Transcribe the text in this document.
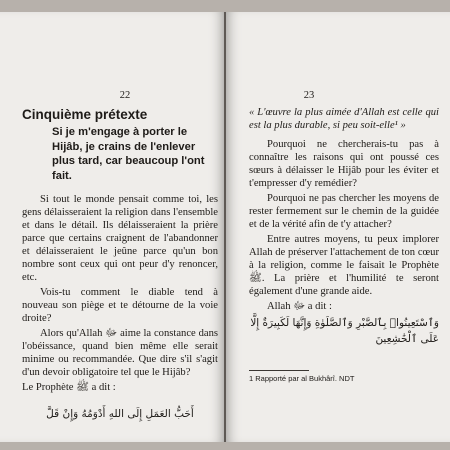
22
Cinquième prétexte
Si je m'engage à porter le Hijâb, je crains de l'enlever plus tard, car beaucoup l'ont fait.

Si tout le monde pensait comme toi, les gens délaisseraient la religion dans l'ensemble et dans le détail. Ils délaisseraient la prière parce que certains craignent de l'abandonner et délaisseraient le jeûne parce qu'un bon nombre sont ceux qui ont peur d'y renoncer, etc.

Vois-tu comment le diable tend à nouveau son piège et te détourne de la voie droite?

Alors qu'Allah ﷻ aime la constance dans l'obéissance, quand bien même elle serait minime ou recommandée. Que dire s'il s'agit d'un devoir obligatoire tel que le Hijâb?

Le Prophète ﷺ a dit :

أَحَبُّ العَمَلِ إِلَى اللهِ أَدْوَمُهُ وَإِنْ قَلَّ
23

« L'œuvre la plus aimée d'Allah est celle qui est la plus durable, si peu soit-elle¹ »

Pourquoi ne chercherais-tu pas à connaître les raisons qui ont poussé ces sœurs à délaisser le Hijâb pour les éviter et t'empresser d'y remédier?

Pourquoi ne pas chercher les moyens de rester fermement sur le chemin de la guidée et de la vérité afin de t'y attacher?

Entre autres moyens, tu peux implorer Allah de préserver l'attachement de ton cœur à la religion, comme le faisait le Prophète ﷺ. La prière et l'humilité te seront également d'une grande aide.

Allah ﷻ a dit :

وَٱسْتَعِينُوا۟ بِٱلصَّبْرِ وَٱلصَّلَوٰةِ وَإِنَّهَا لَكَبِيرَةٌ إِلَّا عَلَى ٱلْخَٰشِعِينَ
1 Rapporté par al Bukhârî. NDT
